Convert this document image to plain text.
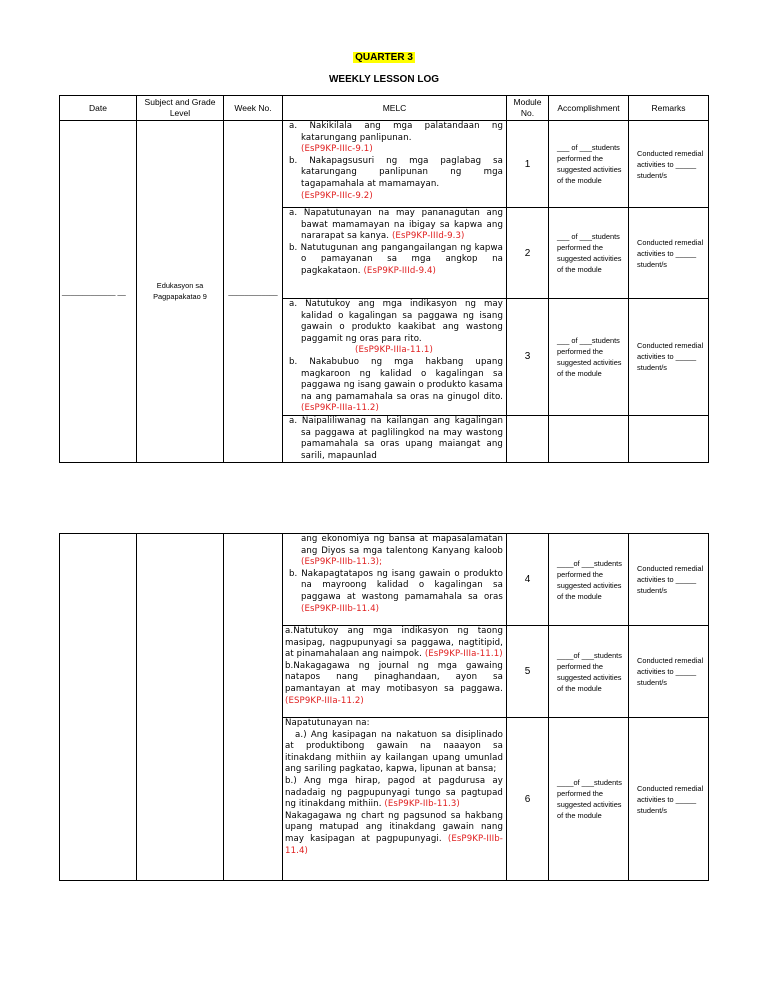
QUARTER 3
WEEKLY LESSON LOG
Date	Subject and Grade Level	Week No.	MELC	Module No.	Accomplishment	Remarks
_____________ __	Edukasyon sa Pagpapakatao 9	____________	a. Nakikilala ang mga palatandaan ng katarungang panlipunan.

(EsP9KP-IIIc-9.1)

b. Nakapagsusuri ng mga paglabag sa katarungang panlipunan ng mga tagapamahala at mamamayan.

(EsP9KP-IIIc-9.2)	1	___ of ___students performed the suggested activities of the module	Conducted remedial activities to _____ student/s

			a. Napatutunayan na may pananagutan ang bawat mamamayan na ibigay sa kapwa ang nararapat sa kanya. (EsP9KP-IIId-9.3)

b. Natutugunan ang pangangailangan ng kapwa o pamayanan sa mga angkop na pagkakataon. (EsP9KP-IIId-9.4)	2	___ of ___students performed the suggested activities of the module	Conducted remedial activities to _____ student/s

			a. Natutukoy ang mga indikasyon ng may kalidad o kagalingan sa paggawa ng isang gawain o produkto kaakibat ang wastong paggamit ng oras para rito.

(EsP9KP-IIIa-11.1)

b. Nakabubuo ng mga hakbang upang magkaroon ng kalidad o kagalingan sa paggawa ng isang gawain o produkto kasama na ang pamamahala sa oras na ginugol dito. (EsP9KP-IIIa-11.2)	3	___ of ___students performed the suggested activities of the module	Conducted remedial activities to _____ student/s

			a. Naipaliliwanag na kailangan ang kagalingan sa paggawa at paglilingkod na may wastong pamamahala sa oras upang maiangat ang sarili, mapaunlad			

			ang ekonomiya ng bansa at mapasalamatan ang Diyos sa mga talentong Kanyang kaloob (EsP9KP-IIIb-11.3);

b. Nakapagtatapos ng isang gawain o produkto na mayroong kalidad o kagalingan sa paggawa at wastong pamamahala sa oras (EsP9KP-IIIb-11.4)	4	____of ___students performed the suggested activities of the module	Conducted remedial activities to _____ student/s

			a.Natutukoy ang mga indikasyon ng taong masipag, nagpupunyagi sa paggawa, nagtitipid, at pinamahalaan ang naimpok. (EsP9KP-IIIa-11.1)

b.Nakagagawa ng journal ng mga gawaing natapos nang pinaghandaan, ayon sa pamantayan at may motibasyon sa paggawa. (ESP9KP-IIIa-11.2)	5	____of ___students performed the suggested activities of the module	Conducted remedial activities to _____ student/s

			Napatutunayan na:

a.) Ang kasipagan na nakatuon sa disiplinado at produktibong gawain na naaayon sa itinakdang mithiin ay kailangan upang umunlad ang sariling pagkatao, kapwa, lipunan at bansa;

b.) Ang mga hirap, pagod at pagdurusa ay nadadaig ng pagpupunyagi tungo sa pagtupad ng itinakdang mithiin. (EsP9KP-IIb-11.3)

Nakagagawa ng chart ng pagsunod sa hakbang upang matupad ang itinakdang gawain nang may kasipagan at pagpupunyagi. (EsP9KP-IIIb-11.4)	6	____of ___students performed the suggested activities of the module	Conducted remedial activities to _____ student/s
